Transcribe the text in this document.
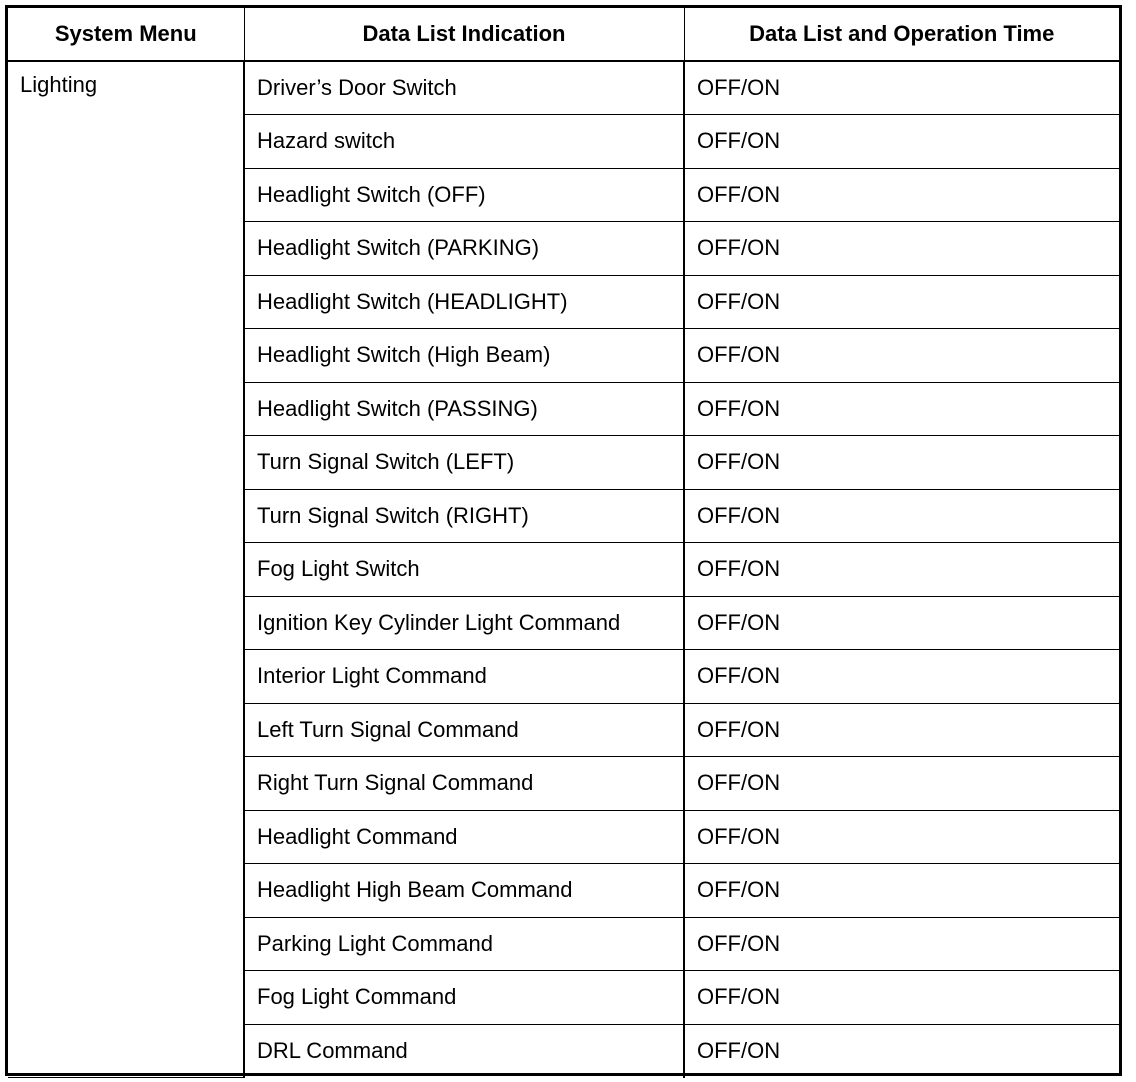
System Menu	Data List Indication	Data List and Operation Time
Lighting	Driver’s Door Switch	OFF/ON
	Hazard switch	OFF/ON
	Headlight Switch (OFF)	OFF/ON
	Headlight Switch (PARKING)	OFF/ON
	Headlight Switch (HEADLIGHT)	OFF/ON
	Headlight Switch (High Beam)	OFF/ON
	Headlight Switch (PASSING)	OFF/ON
	Turn Signal Switch (LEFT)	OFF/ON
	Turn Signal Switch (RIGHT)	OFF/ON
	Fog Light Switch	OFF/ON
	Ignition Key Cylinder Light Command	OFF/ON
	Interior Light Command	OFF/ON
	Left Turn Signal Command	OFF/ON
	Right Turn Signal Command	OFF/ON
	Headlight Command	OFF/ON
	Headlight High Beam Command	OFF/ON
	Parking Light Command	OFF/ON
	Fog Light Command	OFF/ON
	DRL Command	OFF/ON
